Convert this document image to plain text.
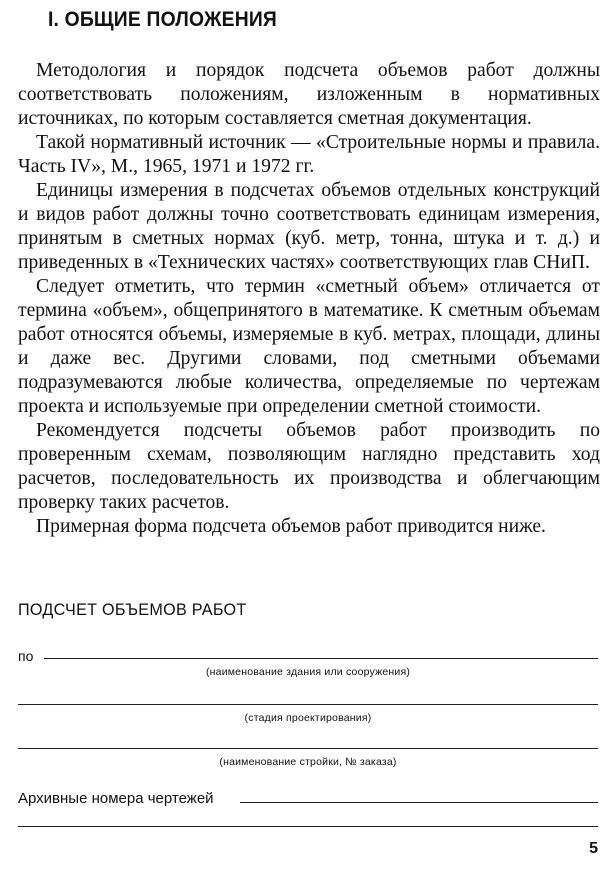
I. ОБЩИЕ ПОЛОЖЕНИЯ

Методология и порядок подсчета объемов работ должны соответствовать положениям, изложенным в нормативных источниках, по которым составляется сметная документация.

Такой нормативный источник — «Строительные нормы и правила. Часть IV», М., 1965, 1971 и 1972 гг.

Единицы измерения в подсчетах объемов отдельных конструкций и видов работ должны точно соответствовать единицам измерения, принятым в сметных нормах (куб. метр, тонна, штука и т. д.) и приведенных в «Технических частях» соответствующих глав СНиП.

Следует отметить, что термин «сметный объем» отличается от термина «объем», общепринятого в математике. К сметным объемам работ относятся объемы, измеряемые в куб. метрах, площади, длины и даже вес. Другими словами, под сметными объемами подразумеваются любые количества, определяемые по чертежам проекта и используемые при определении сметной стоимости.

Рекомендуется подсчеты объемов работ производить по проверенным схемам, позволяющим наглядно представить ход расчетов, последовательность их производства и облегчающим проверку таких расчетов.

Примерная форма подсчета объемов работ приводится ниже.

ПОДСЧЕТ ОБЪЕМОВ РАБОТ
по
(наименование здания или сооружения)
(стадия проектирования)
(наименование стройки, № заказа)
Архивные номера чертежей
5
